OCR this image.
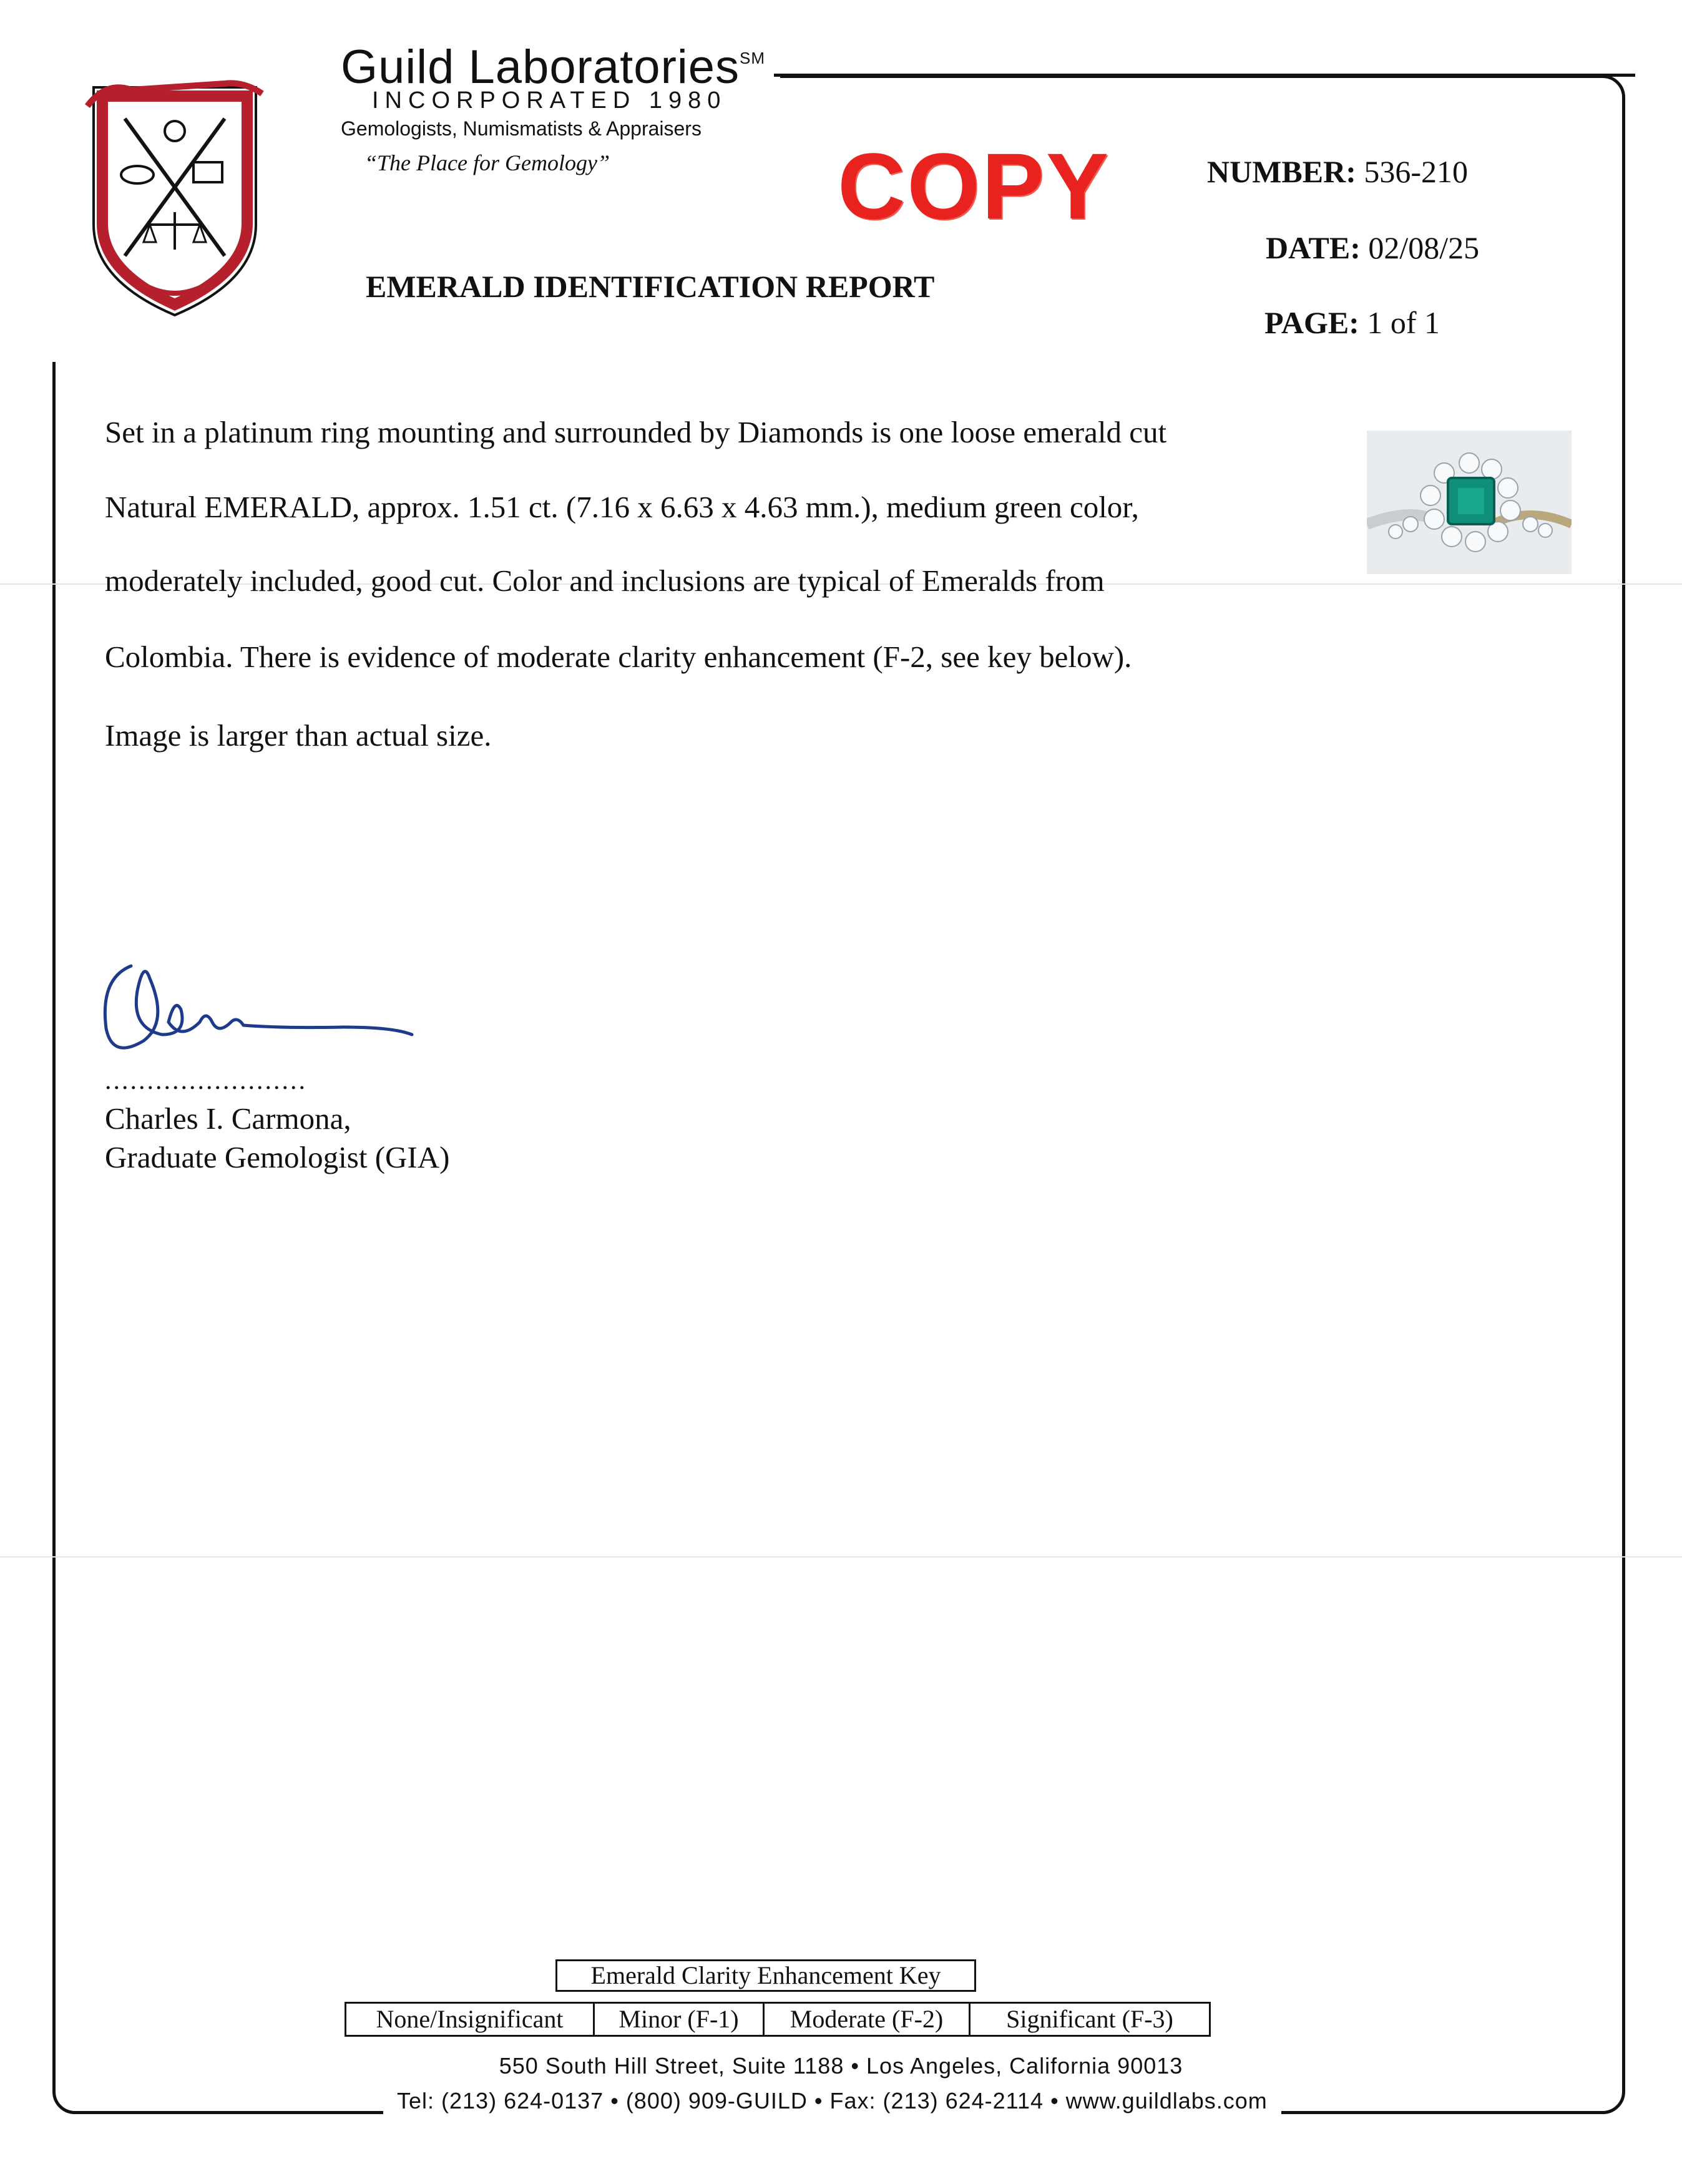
DE CODE
Guild Laboratories℠
INCORPORATED 1980
Gemologists, Numismatists & Appraisers
“The Place for Gemology” COPY
EMERALD IDENTIFICATION REPORT
NUMBER: 536-210
DATE: 02/08/25
PAGE: 1 of 1
Set in a platinum ring mounting and surrounded by Diamonds is one loose emerald cut
Natural EMERALD, approx. 1.51 ct. (7.16 x 6.63 x 4.63 mm.), medium green color,
moderately included, good cut. Color and inclusions are typical of Emeralds from
Colombia. There is evidence of moderate clarity enhancement (F-2, see key below).
Image is larger than actual size.
........................
Charles I. Carmona,
Graduate Gemologist (GIA)
Emerald Clarity Enhancement Key
None/Insignificant	Minor (F-1)	Moderate (F-2)	Significant (F-3)
550 South Hill Street, Suite 1188 • Los Angeles, California 90013
Tel: (213) 624-0137 • (800) 909-GUILD • Fax: (213) 624-2114 • www.guildlabs.com
